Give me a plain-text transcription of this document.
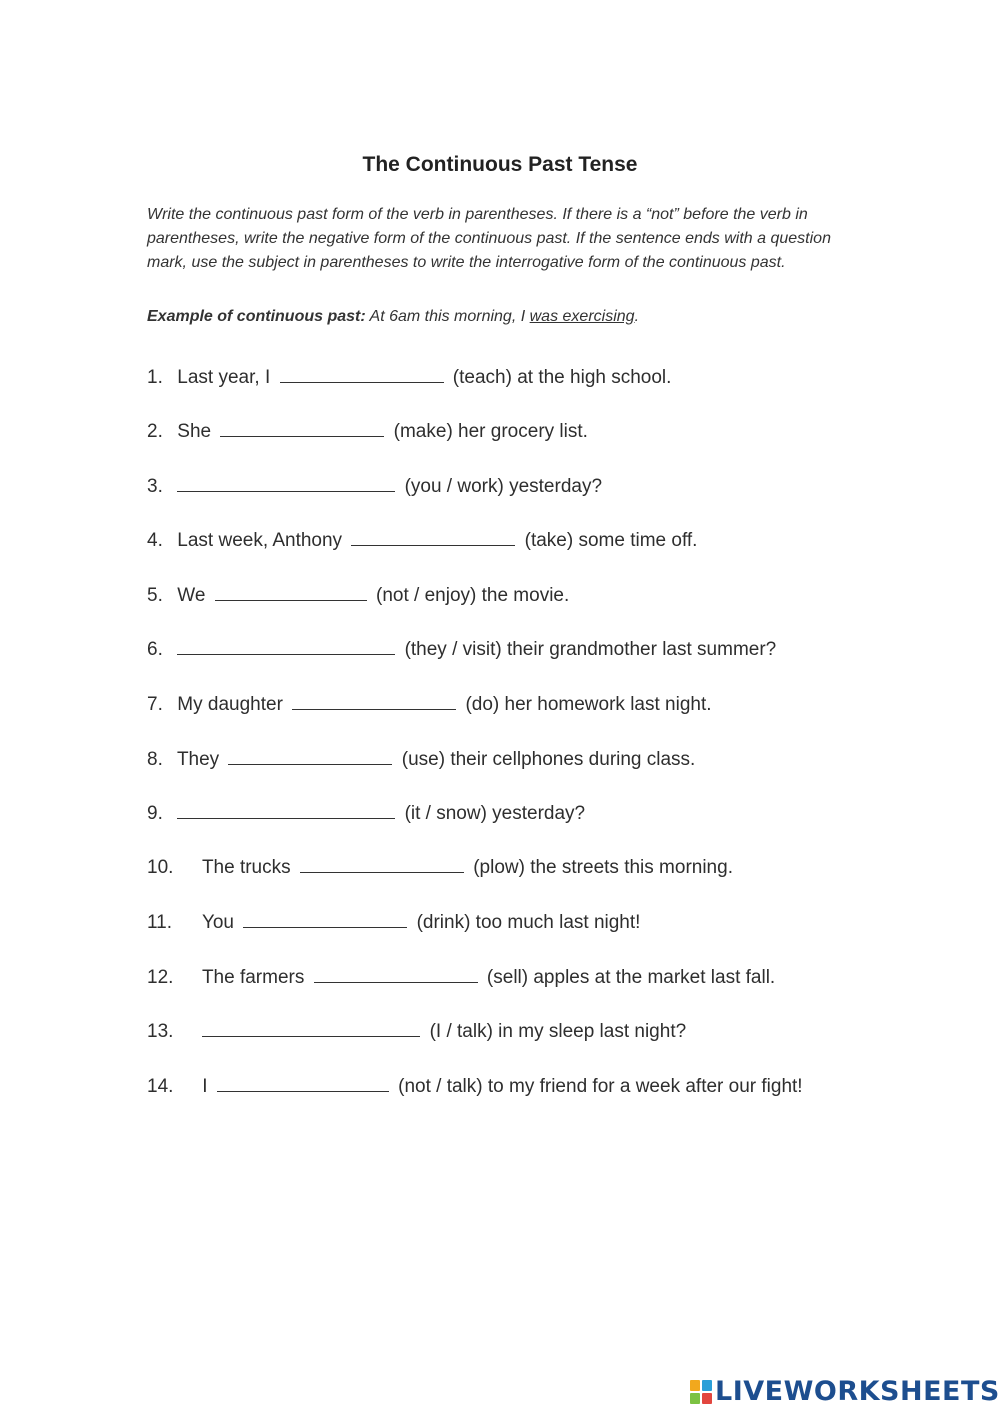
The Continuous Past Tense
Write the continuous past form of the verb in parentheses. If there is a “not” before the verb in parentheses, write the negative form of the continuous past. If the sentence ends with a question mark, use the subject in parentheses to write the interrogative form of the continuous past.
Example of continuous past: At 6am this morning, I was exercising.
1. Last year, I	(teach) at the high school.
2. She	(make) her grocery list.
3.	(you / work) yesterday?
4. Last week, Anthony	(take) some time off.
5. We	(not / enjoy) the movie.
6.	(they / visit) their grandmother last summer?
7. My daughter	(do) her homework last night.
8. They	(use) their cellphones during class.
9.	(it / snow) yesterday?
10. The trucks	(plow) the streets this morning.
11. You	(drink) too much last night!
12. The farmers	(sell) apples at the market last fall.
13.	(I / talk) in my sleep last night?
14. I	(not / talk) to my friend for a week after our fight!
LIVEWORKSHEETS
